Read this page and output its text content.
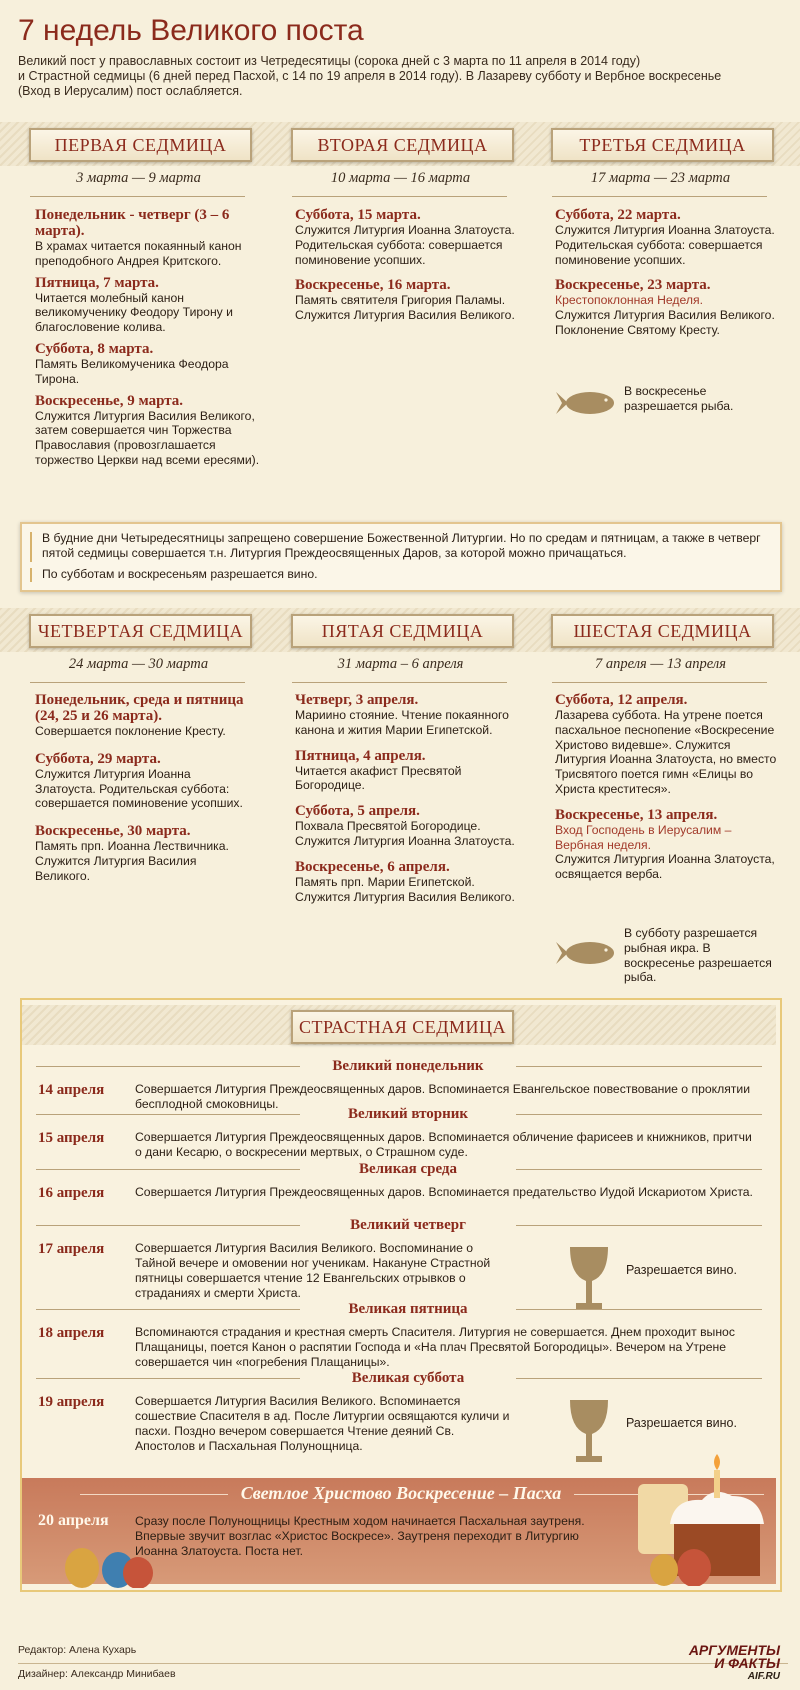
7 недель Великого поста
Великий пост у православных состоит из Четредесятицы (сорока дней с 3 марта по 11 апреля в 2014 году)
и Страстной седмицы (6 дней перед Пасхой, с 14 по 19 апреля в 2014 году). В Лазареву субботу и Вербное воскресенье
(Вход в Иерусалим) пост ослабляется.
ПЕРВАЯ СЕДМИЦА	ВТОРАЯ СЕДМИЦА	ТРЕТЬЯ СЕДМИЦА
3 марта — 9 марта	10 марта — 16 марта	17 марта — 23 марта
Понедельник - четверг (3 – 6 марта).
В храмах читается покаянный канон преподобного Андрея Критского.
Пятница, 7 марта.
Читается молебный канон великомученику Феодору Тирону и благословение колива.
Суббота, 8 марта.
Память Великомученика Феодора Тирона.
Воскресенье, 9 марта.
Служится Литургия Василия Великого, затем совершается чин Торжества Православия (провозглашается торжество Церкви над всеми ересями).
Суббота, 15 марта.
Служится Литургия Иоанна Златоуста. Родительская суббота: совершается поминовение усопших.
Воскресенье, 16 марта.
Память святителя Григория Паламы. Служится Литургия Василия Великого.
Суббота, 22 марта.
Служится Литургия Иоанна Златоуста. Родительская суббота: совершается поминовение усопших.
Воскресенье, 23 марта.
Крестопоклонная Неделя.
Служится Литургия Василия Великого. Поклонение Святому Кресту.
В воскресенье разрешается рыба.
В будние дни Четыредесятницы запрещено совершение Божественной Литургии. Но по средам и пятницам, а также в четверг пятой седмицы совершается т.н. Литургия Преждеосвященных Даров, за которой можно причащаться.
По субботам и воскресеньям разрешается вино.
ЧЕТВЕРТАЯ СЕДМИЦА	ПЯТАЯ СЕДМИЦА	ШЕСТАЯ СЕДМИЦА
24 марта — 30 марта	31 марта – 6 апреля	7 апреля — 13 апреля
Понедельник, среда и пятница (24, 25 и 26 марта).
Совершается поклонение Кресту.
Суббота, 29 марта.
Служится Литургия Иоанна Златоуста. Родительская суббота: совершается поминовение усопших.
Воскресенье, 30 марта.
Память прп. Иоанна Лествичника. Служится Литургия Василия Великого.
Четверг, 3 апреля.
Мариино стояние. Чтение покаянного канона и жития Марии Египетской.
Пятница, 4 апреля.
Читается акафист Пресвятой Богородице.
Суббота, 5 апреля.
Похвала Пресвятой Богородице. Служится Литургия Иоанна Златоуста.
Воскресенье, 6 апреля.
Память прп. Марии Египетской. Служится Литургия Василия Великого.
Суббота, 12 апреля.
Лазарева суббота. На утрене поется пасхальное песнопение «Воскресение Христово видевше». Служится Литургия Иоанна Златоуста, но вместо Трисвятого поется гимн «Елицы во Христа креститеся».
Воскресенье, 13 апреля.
Вход Господень в Иерусалим – Вербная неделя.
Служится Литургия Иоанна Златоуста, освящается верба.
В субботу разрешается рыбная икра. В воскресенье разрешается рыба.
СТРАСТНАЯ СЕДМИЦА
Великий понедельник
14 апреля	Совершается Литургия Преждеосвященных даров. Вспоминается Евангельское повествование о проклятии бесплодной смоковницы.
Великий вторник
15 апреля	Совершается Литургия Преждеосвященных даров. Вспоминается обличение фарисеев и книжников, притчи о дани Кесарю, о воскресении мертвых, о Страшном суде.
Великая среда
16 апреля	Совершается Литургия Преждеосвященных даров. Вспоминается предательство Иудой Искариотом Христа.
Великий четверг
17 апреля	Совершается Литургия Василия Великого. Воспоминание о Тайной вечере и омовении ног ученикам. Накануне Страстной пятницы совершается чтение 12 Евангельских отрывков о страданиях и смерти Христа.
Разрешается вино.
Великая пятница
18 апреля	Вспоминаются страдания и крестная смерть Спасителя. Литургия не совершается. Днем проходит вынос Плащаницы, поется Канон о распятии Господа и «На плач Пресвятой Богородицы». Вечером на Утрене совершается чин «погребения Плащаницы».
Великая суббота
19 апреля	Совершается Литургия Василия Великого. Вспоминается сошествие Спасителя в ад. После Литургии освящаются куличи и пасхи. Поздно вечером совершается Чтение деяний Св. Апостолов и Пасхальная Полунощница.
Разрешается вино.
Светлое Христово Воскресение – Пасха
20 апреля Сразу после Полунощницы Крестным ходом начинается Пасхальная заутреня. Впервые звучит возглас «Христос Воскресе». Заутреня переходит в Литургию Иоанна Златоуста. Поста нет.
Редактор: Алена Кухарь
Дизайнер: Александр Минибаев
АРГУМЕНТЫ
И ФАКТЫ
AIF.RU
